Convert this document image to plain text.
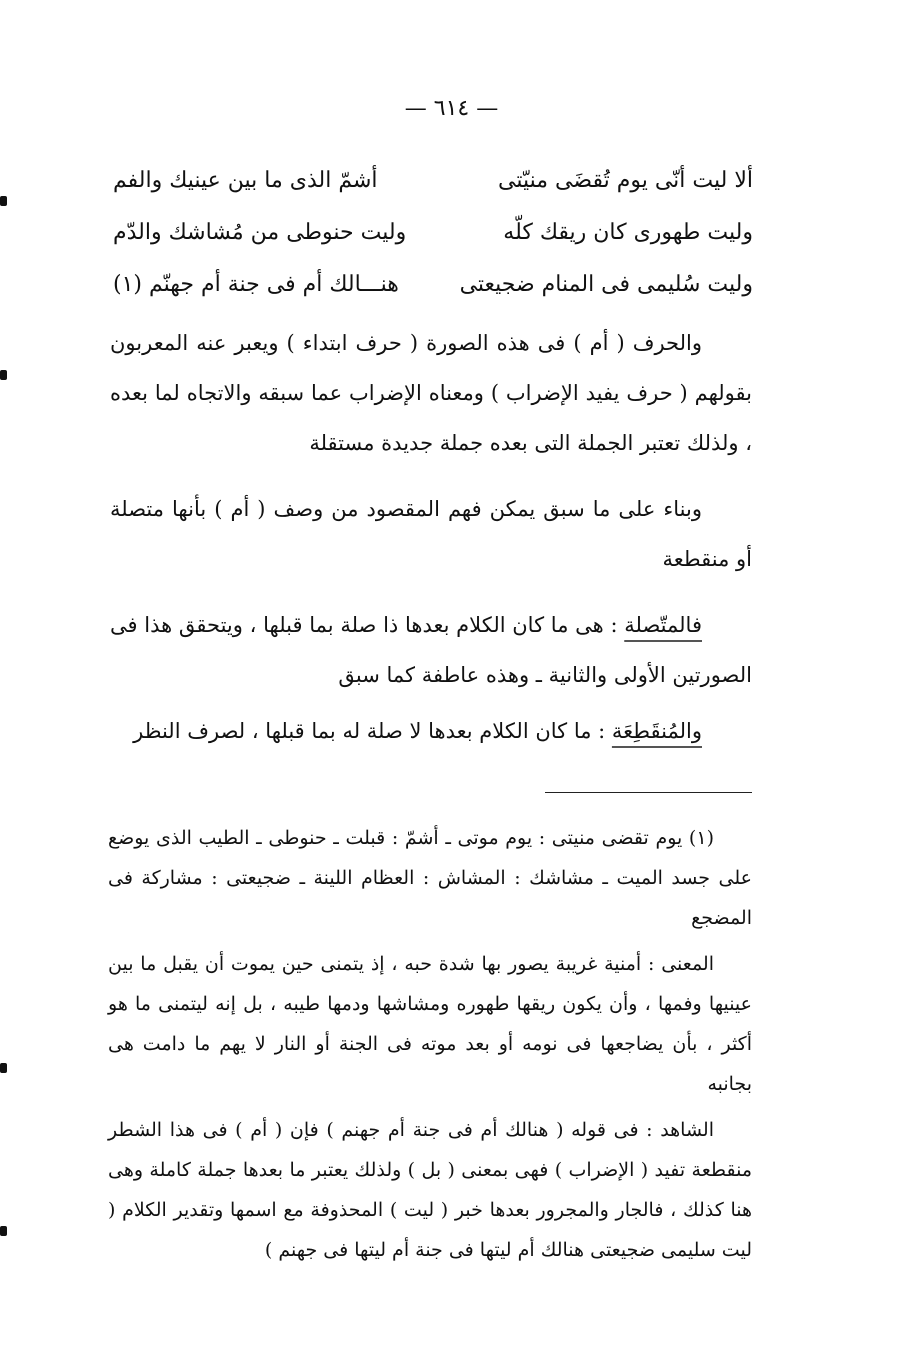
— ٦١٤ —
ألا ليت أنّى يوم تُقضَى منيّتى
أشمّ الذى ما بين عينيك والفم
وليت طهورى كان ريقك كلّه
وليت حنوطى من مُشاشك والدّم
وليت سُليمى فى المنام ضجيعتى
هنـــالك أم فى جنة أم جهنّم (١)

والحرف ( أم ) فى هذه الصورة ( حرف ابتداء ) ويعبر عنه المعربون بقولهم ( حرف يفيد الإضراب ) ومعناه الإضراب عما سبقه والاتجاه لما بعده ، ولذلك تعتبر الجملة التى بعده جملة جديدة مستقلة

وبناء على ما سبق يمكن فهم المقصود من وصف ( أم ) بأنها متصلة أو منقطعة

فالمتّصلة : هى ما كان الكلام بعدها ذا صلة بما قبلها ، ويتحقق هذا فى الصورتين الأولى والثانية ـ وهذه عاطفة كما سبق

والمُنقَطِعَة : ما كان الكلام بعدها لا صلة له بما قبلها ، لصرف النظر

(١) يوم تقضى منيتى : يوم موتى ـ أشمّ : قبلت ـ حنوطى ـ الطيب الذى يوضع على جسد الميت ـ مشاشك : المشاش : العظام اللينة ـ ضجيعتى : مشاركة فى المضجع

المعنى : أمنية غريبة يصور بها شدة حبه ، إذ يتمنى حين يموت أن يقبل ما بين عينيها وفمها ، وأن يكون ريقها طهوره ومشاشها ودمها طيبه ، بل إنه ليتمنى ما هو أكثر ، بأن يضاجعها فى نومه أو بعد موته فى الجنة أو النار لا يهم ما دامت هى بجانبه

الشاهد : فى قوله ( هنالك أم فى جنة أم جهنم ) فإن ( أم ) فى هذا الشطر منقطعة تفيد ( الإضراب ) فهى بمعنى ( بل ) ولذلك يعتبر ما بعدها جملة كاملة وهى هنا كذلك ، فالجار والمجرور بعدها خبر ( ليت ) المحذوفة مع اسمها وتقدير الكلام ( ليت سليمى ضجيعتى هنالك أم ليتها فى جنة أم ليتها فى جهنم )
